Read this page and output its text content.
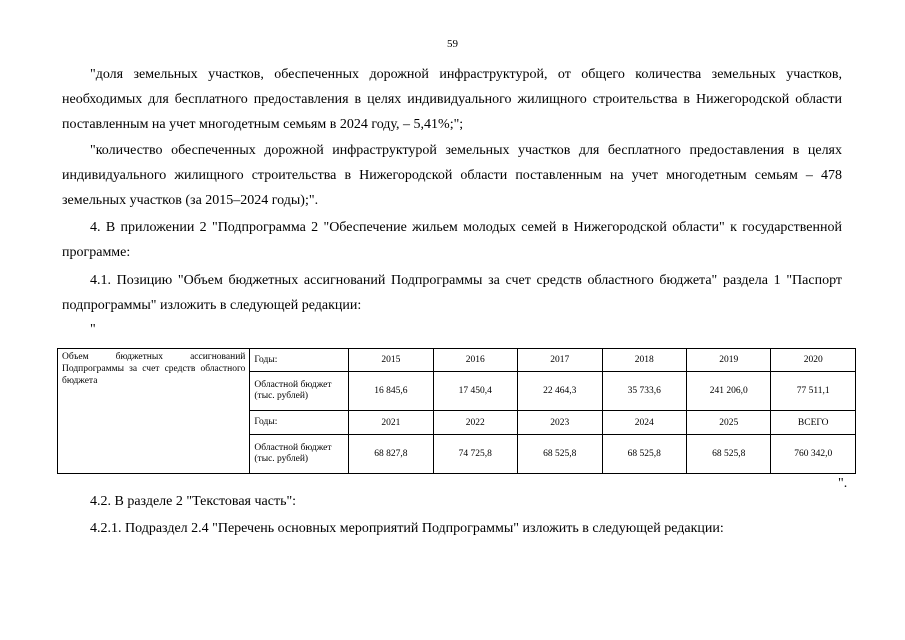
59
"доля земельных участков, обеспеченных дорожной инфраструктурой, от общего количества земельных участков, необходимых для бесплатного предоставления в целях индивидуального жилищного строительства в Нижегородской области поставленным на учет многодетным семьям в 2024 году, – 5,41%;";
"количество обеспеченных дорожной инфраструктурой земельных участков для бесплатного предоставления в целях индивидуального жилищного строительства в Нижегородской области поставленным на учет многодетным семьям – 478 земельных участков (за 2015–2024 годы);".
4. В приложении 2 "Подпрограмма 2 "Обеспечение жильем молодых семей в Нижегородской области" к государственной программе:
4.1. Позицию "Объем бюджетных ассигнований Подпрограммы за счет средств областного бюджета" раздела 1 "Паспорт подпрограммы" изложить в следующей редакции:
"
Объем бюджетных ассигнований Подпрограммы за счет средств областного бюджета	Годы:	2015	2016	2017	2018	2019	2020
	Областной бюджет (тыс. рублей)	16 845,6	17 450,4	22 464,3	35 733,6	241 206,0	77 511,1
	Годы:	2021	2022	2023	2024	2025	ВСЕГО
	Областной бюджет (тыс. рублей)	68 827,8	74 725,8	68 525,8	68 525,8	68 525,8	760 342,0
".
4.2. В разделе 2 "Текстовая часть":
4.2.1. Подраздел 2.4 "Перечень основных мероприятий Подпрограммы" изложить в следующей редакции:
